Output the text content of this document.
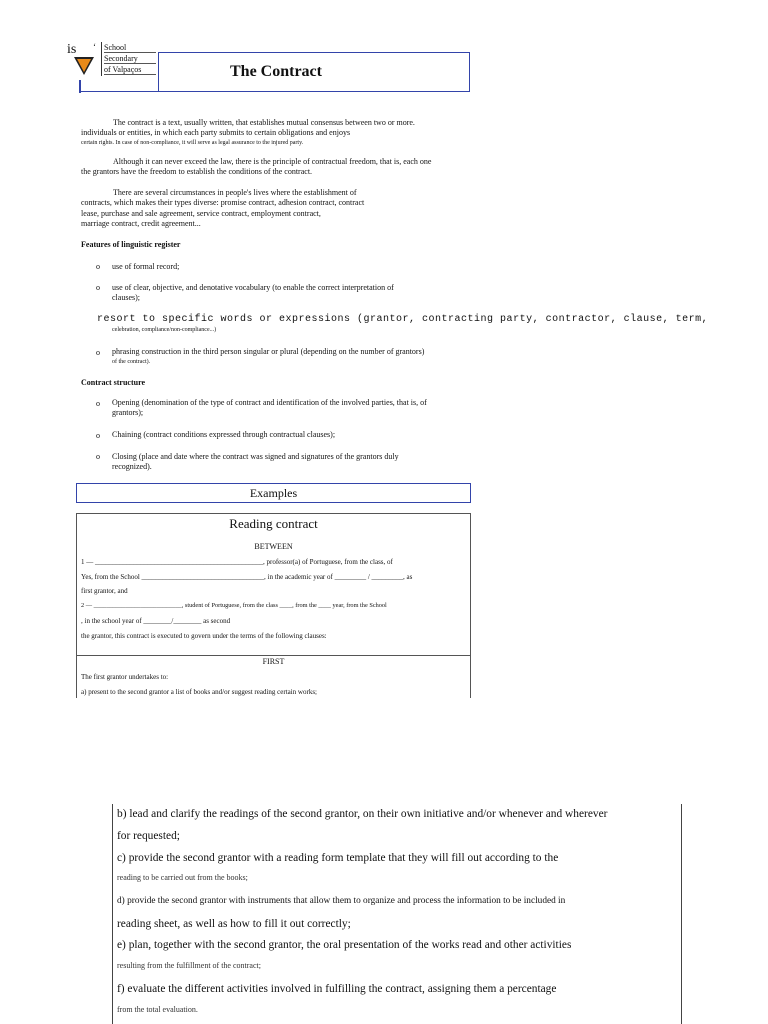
is ʻ School
Secondary
of Valpaços	The Contract
The contract is a text, usually written, that establishes mutual consensus between two or more.
individuals or entities, in which each party submits to certain obligations and enjoys
certain rights. In case of non-compliance, it will serve as legal assurance to the injured party.
Although it can never exceed the law, there is the principle of contractual freedom, that is, each one
the grantors have the freedom to establish the conditions of the contract.
There are several circumstances in people's lives where the establishment of
contracts, which makes their types diverse: promise contract, adhesion contract, contract
lease, purchase and sale agreement, service contract, employment contract,
marriage contract, credit agreement...
Features of linguistic register
o use of formal record;
o use of clear, objective, and denotative vocabulary (to enable the correct interpretation of
clauses);
resort to specific words or expressions (grantor, contracting party, contractor, clause, term,
celebration, compliance/non-compliance...)
o phrasing construction in the third person singular or plural (depending on the number of grantors)
of the contract).
Contract structure
o Opening (denomination of the type of contract and identification of the involved parties, that is, of
grantors);
o Chaining (contract conditions expressed through contractual clauses);
o Closing (place and date where the contract was signed and signatures of the grantors duly
recognized).
Examples
Reading contract
BETWEEN
1 — ________________________________________________, professor(a) of Portuguese, from the class, of
Yes, from the School ___________________________________, in the academic year of _________ / _________, as
first grantor, and
2 — ____________________________, student of Portuguese, from the class ____, from the ____ year, from the School
, in the school year of ________/________ as second
the grantor, this contract is executed to govern under the terms of the following clauses:
FIRST
The first grantor undertakes to:
a) present to the second grantor a list of books and/or suggest reading certain works;
b) lead and clarify the readings of the second grantor, on their own initiative and/or whenever and wherever
for requested;
c) provide the second grantor with a reading form template that they will fill out according to the
reading to be carried out from the books;
d) provide the second grantor with instruments that allow them to organize and process the information to be included in
reading sheet, as well as how to fill it out correctly;
e) plan, together with the second grantor, the oral presentation of the works read and other activities
resulting from the fulfillment of the contract;
f) evaluate the different activities involved in fulfilling the contract, assigning them a percentage
from the total evaluation.
